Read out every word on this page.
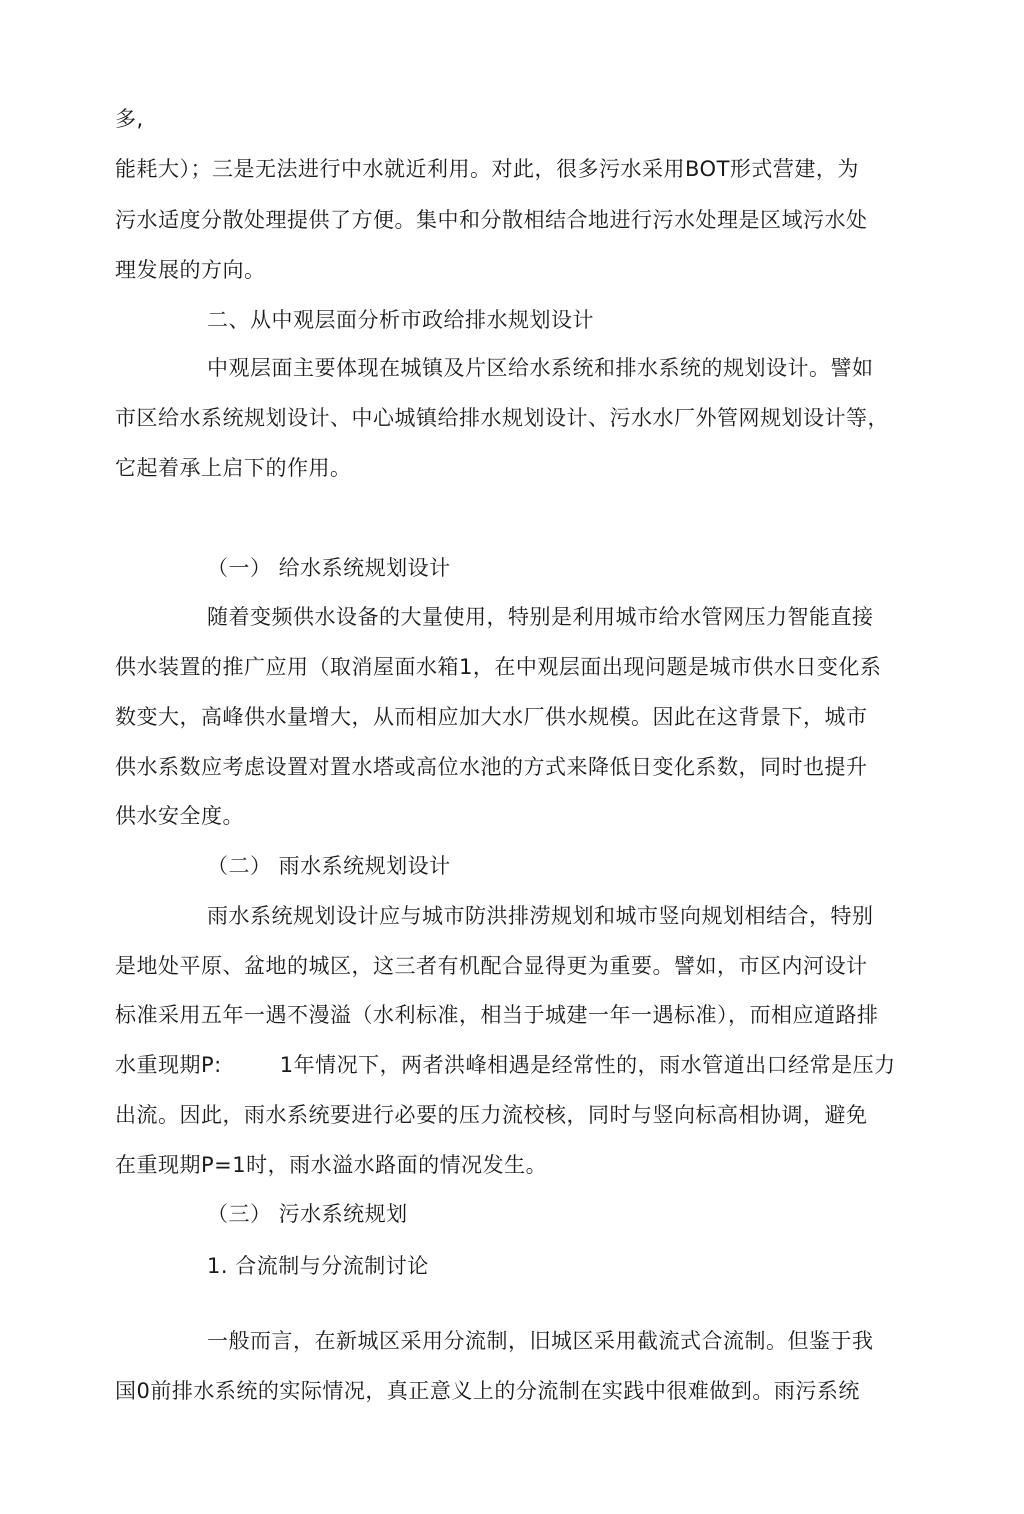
多,
能耗大）；三是无法进行中水就近利用。对此，很多污水采用BOT形式营建，为
污水适度分散处理提供了方便。集中和分散相结合地进行污水处理是区域污水处
理发展的方向。
二、从中观层面分析市政给排水规划设计
中观层面主要体现在城镇及片区给水系统和排水系统的规划设计。譬如
市区给水系统规划设计、中心城镇给排水规划设计、污水水厂外管网规划设计等，
它起着承上启下的作用。
（一） 给水系统规划设计
随着变频供水设备的大量使用，特别是利用城市给水管网压力智能直接
供水装置的推广应用（取消屋面水箱1，在中观层面出现问题是城市供水日变化系
数变大，高峰供水量增大，从而相应加大水厂供水规模。因此在这背景下，城市
供水系数应考虑设置对置水塔或高位水池的方式来降低日变化系数，同时也提升
供水安全度。
（二） 雨水系统规划设计
雨水系统规划设计应与城市防洪排涝规划和城市竖向规划相结合，特别
是地处平原、盆地的城区，这三者有机配合显得更为重要。譬如，市区内河设计
标准采用五年一遇不漫溢（水利标准，相当于城建一年一遇标准），而相应道路排
水重现期P:	1年情况下，两者洪峰相遇是经常性的，雨水管道出口经常是压力
出流。因此，雨水系统要进行必要的压力流校核，同时与竖向标高相协调，避免
在重现期P=1时，雨水溢水路面的情况发生。
（三） 污水系统规划
1. 合流制与分流制讨论
一般而言，在新城区采用分流制，旧城区采用截流式合流制。但鉴于我
国0前排水系统的实际情况，真正意义上的分流制在实践中很难做到。雨污系统
